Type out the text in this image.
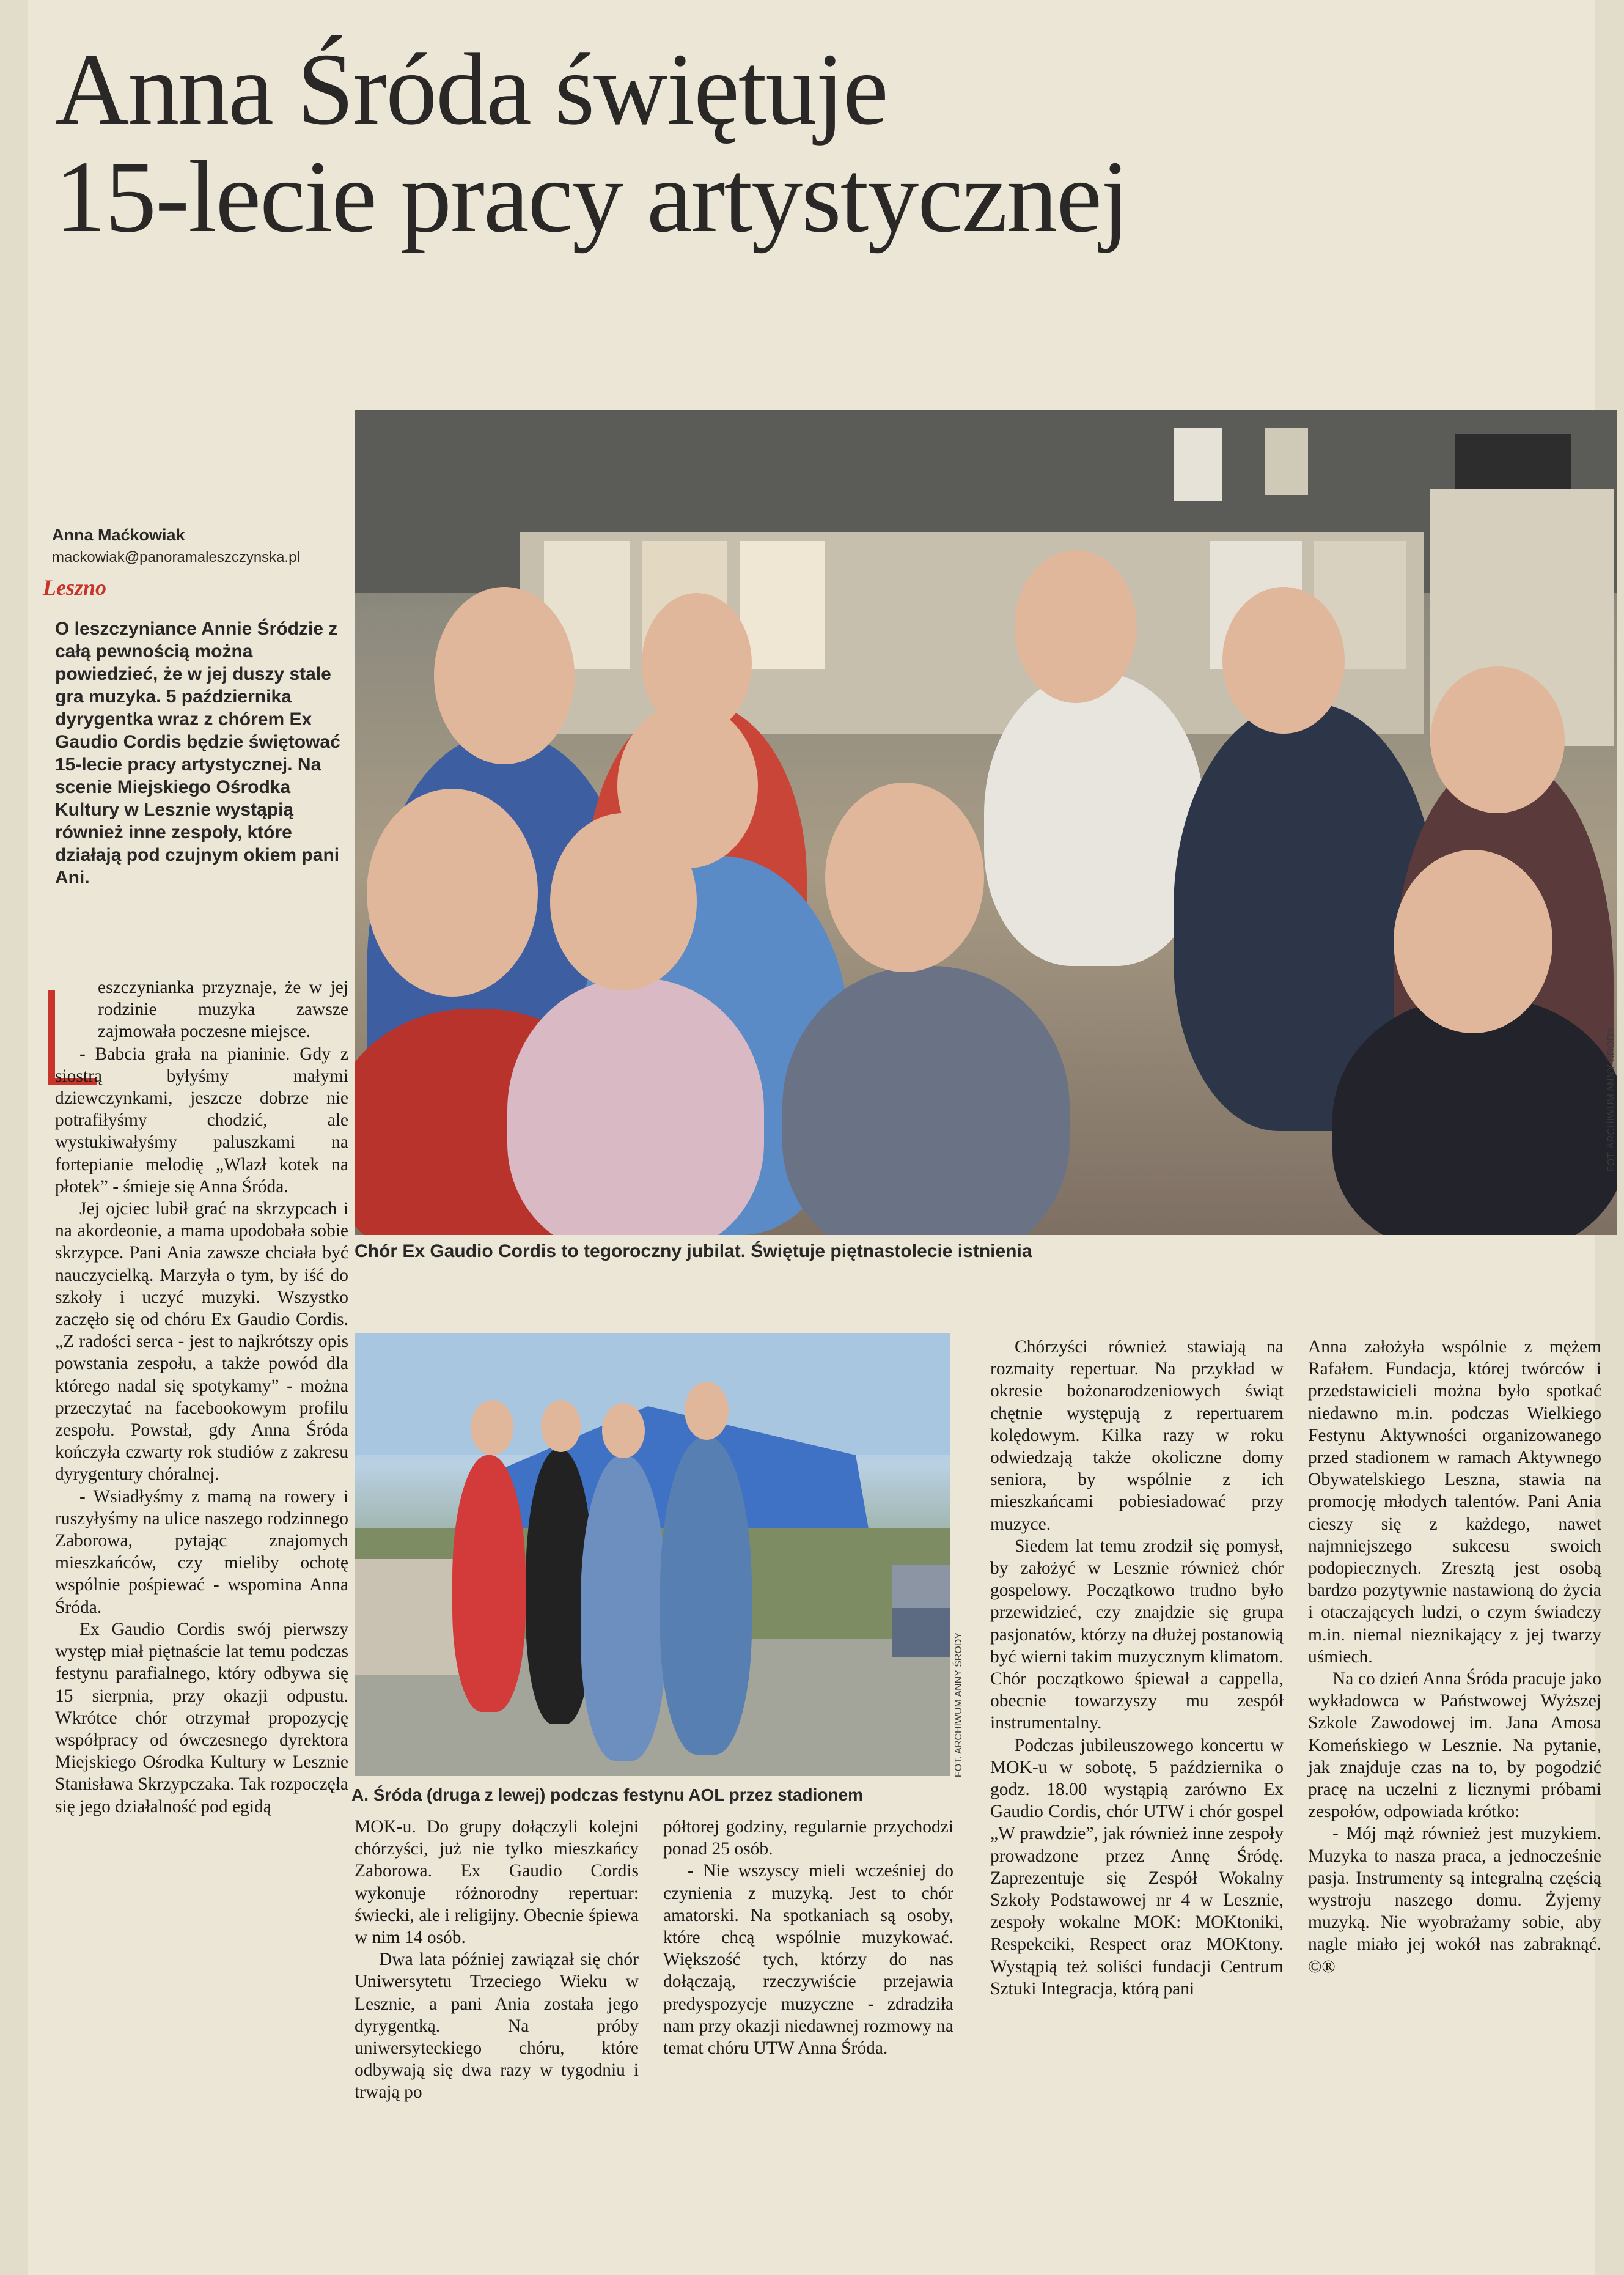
Anna Śróda świętuje
15-lecie pracy artystycznej
Anna Maćkowiak
mackowiak@panoramaleszczynska.pl
Leszno
O leszczyniance Annie Śródzie z całą pewnością można powiedzieć, że w jej duszy stale gra muzyka. 5 października dyrygentka wraz z chórem Ex Gaudio Cordis będzie świętować 15-lecie pracy artystycznej. Na scenie Miejskiego Ośrodka Kultury w Lesznie wystąpią również inne zespoły, które działają pod czujnym okiem pani Ani.

eszczynianka przyznaje, że w jej rodzinie muzyka zawsze zajmowała poczesne miejsce.

- Babcia grała na pianinie. Gdy z siostrą byłyśmy małymi dziewczynkami, jeszcze dobrze nie potrafiłyśmy chodzić, ale wystukiwałyśmy paluszkami na fortepianie melodię „Wlazł kotek na płotek” - śmieje się Anna Śróda.

Jej ojciec lubił grać na skrzypcach i na akordeonie, a mama upodobała sobie skrzypce. Pani Ania zawsze chciała być nauczycielką. Marzyła o tym, by iść do szkoły i uczyć muzyki. Wszystko zaczęło się od chóru Ex Gaudio Cordis. „Z radości serca - jest to najkrótszy opis powstania zespołu, a także powód dla którego nadal się spotykamy” - można przeczytać na facebookowym profilu zespołu. Powstał, gdy Anna Śróda kończyła czwarty rok studiów z zakresu dyrygentury chóralnej.

- Wsiadłyśmy z mamą na rowery i ruszyłyśmy na ulice naszego rodzinnego Zaborowa, pytając znajomych mieszkańców, czy mieliby ochotę wspólnie pośpiewać - wspomina Anna Śróda.

Ex Gaudio Cordis swój pierwszy występ miał piętnaście lat temu podczas festynu parafialnego, który odbywa się 15 sierpnia, przy okazji odpustu. Wkrótce chór otrzymał propozycję współpracy od ówczesnego dyrektora Miejskiego Ośrodka Kultury w Lesznie Stanisława Skrzypczaka. Tak rozpoczęła się jego działalność pod egidą

FOT. ARCHIWUM ANNY ŚRODY
Chór Ex Gaudio Cordis to tegoroczny jubilat. Świętuje piętnastolecie istnienia
FOT. ARCHIWUM ANNY ŚRODY
A. Śróda (druga z lewej) podczas festynu AOL przez stadionem

MOK-u. Do grupy dołączyli kolejni chórzyści, już nie tylko mieszkańcy Zaborowa. Ex Gaudio Cordis wykonuje różnorodny repertuar: świecki, ale i religijny. Obecnie śpiewa w nim 14 osób.

Dwa lata później zawiązał się chór Uniwersytetu Trzeciego Wieku w Lesznie, a pani Ania została jego dyrygentką. Na próby uniwersyteckiego chóru, które odbywają się dwa razy w tygodniu i trwają po

półtorej godziny, regularnie przychodzi ponad 25 osób.

- Nie wszyscy mieli wcześniej do czynienia z muzyką. Jest to chór amatorski. Na spotkaniach są osoby, które chcą wspólnie muzykować. Większość tych, którzy do nas dołączają, rzeczywiście przejawia predyspozycje muzyczne - zdradziła nam przy okazji niedawnej rozmowy na temat chóru UTW Anna Śróda.

Chórzyści również stawiają na rozmaity repertuar. Na przykład w okresie bożonarodzeniowych świąt chętnie występują z repertuarem kolędowym. Kilka razy w roku odwiedzają także okoliczne domy seniora, by wspólnie z ich mieszkańcami pobiesiadować przy muzyce.

Siedem lat temu zrodził się pomysł, by założyć w Lesznie również chór gospelowy. Początkowo trudno było przewidzieć, czy znajdzie się grupa pasjonatów, którzy na dłużej postanowią być wierni takim muzycznym klimatom. Chór początkowo śpiewał a cappella, obecnie towarzyszy mu zespół instrumentalny.

Podczas jubileuszowego koncertu w MOK-u w sobotę, 5 października o godz. 18.00 wystąpią zarówno Ex Gaudio Cordis, chór UTW i chór gospel „W prawdzie”, jak również inne zespoły prowadzone przez Annę Śródę. Zaprezentuje się Zespół Wokalny Szkoły Podstawowej nr 4 w Lesznie, zespoły wokalne MOK: MOKtoniki, Respekciki, Respect oraz MOKtony. Wystąpią też soliści fundacji Centrum Sztuki Integracja, którą pani

Anna założyła wspólnie z mężem Rafałem. Fundacja, której twórców i przedstawicieli można było spotkać niedawno m.in. podczas Wielkiego Festynu Aktywności organizowanego przed stadionem w ramach Aktywnego Obywatelskiego Leszna, stawia na promocję młodych talentów. Pani Ania cieszy się z każdego, nawet najmniejszego sukcesu swoich podopiecznych. Zresztą jest osobą bardzo pozytywnie nastawioną do życia i otaczających ludzi, o czym świadczy m.in. niemal nieznikający z jej twarzy uśmiech.

Na co dzień Anna Śróda pracuje jako wykładowca w Państwowej Wyższej Szkole Zawodowej im. Jana Amosa Komeńskiego w Lesznie. Na pytanie, jak znajduje czas na to, by pogodzić pracę na uczelni z licznymi próbami zespołów, odpowiada krótko:

- Mój mąż również jest muzykiem. Muzyka to nasza praca, a jednocześnie pasja. Instrumenty są integralną częścią wystroju naszego domu. Żyjemy muzyką. Nie wyobrażamy sobie, aby nagle miało jej wokół nas zabraknąć. ©®
